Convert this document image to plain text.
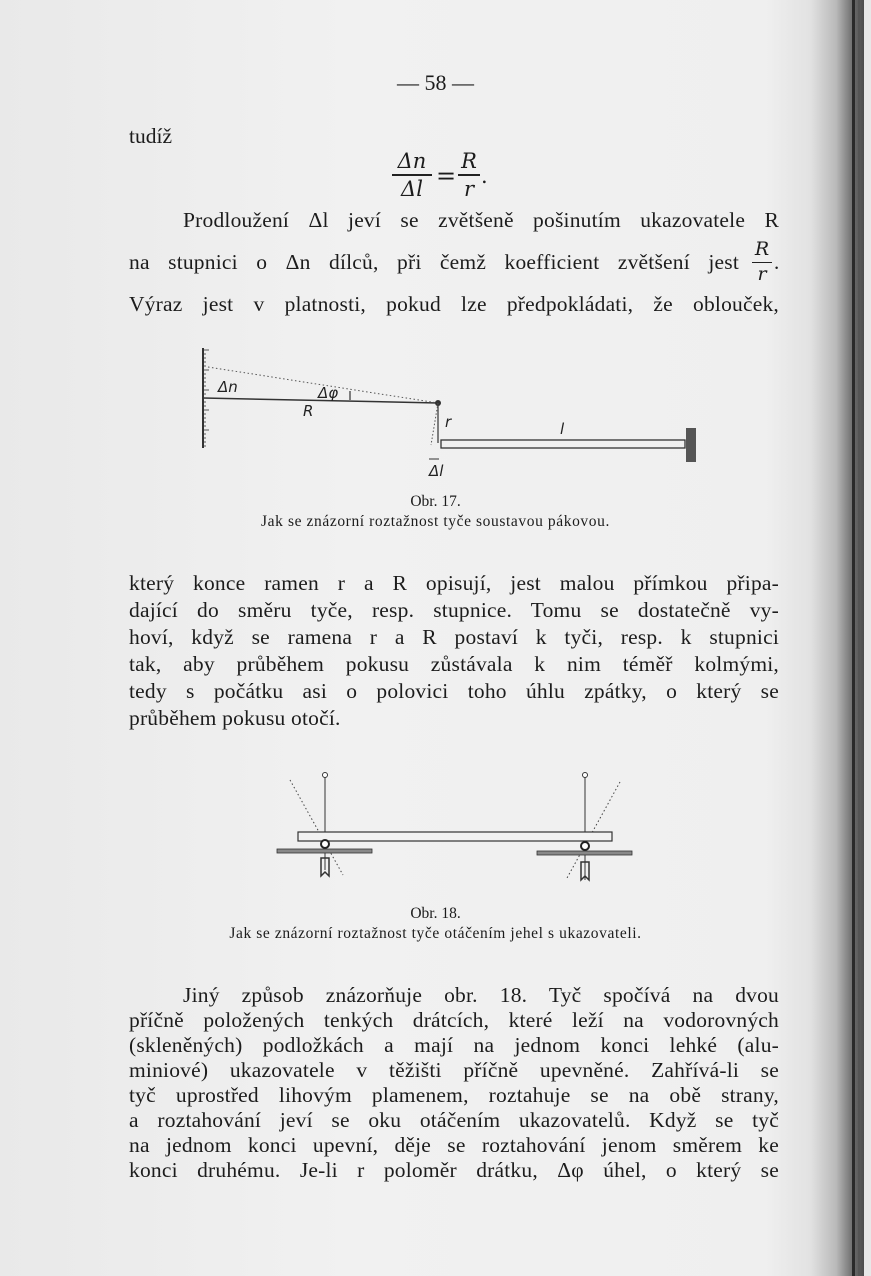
— 58 —
tudíž
Δn
Δl =
R
r
.
Prodloužení Δl jeví se zvětšeně pošinutím ukazovatele R
na stupnici o Δn dílců, při čemž koefficient zvětšení jest
R
r
.
Výraz jest v platnosti, pokud lze předpokládati, že oblouček,
Δn	Δφ
R
r	l
Δl
Obr. 17.
Jak se znázorní roztažnost tyče soustavou pákovou.
který konce ramen r a R opisují, jest malou přímkou připa-
dající do směru tyče, resp. stupnice. Tomu se dostatečně vy-
hoví, když se ramena r a R postaví k tyči, resp. k stupnici
tak, aby průběhem pokusu zůstávala k nim téměř kolmými,
tedy s počátku asi o polovici toho úhlu zpátky, o který se
průběhem pokusu otočí.
Obr. 18.
Jak se znázorní roztažnost tyče otáčením jehel s ukazovateli.
Jiný způsob znázorňuje obr. 18. Tyč spočívá na dvou
příčně položených tenkých drátcích, které leží na vodorovných
(skleněných) podložkách a mají na jednom konci lehké (alu-
miniové) ukazovatele v těžišti příčně upevněné. Zahřívá-li se
tyč uprostřed lihovým plamenem, roztahuje se na obě strany,
a roztahování jeví se oku otáčením ukazovatelů. Když se tyč
na jednom konci upevní, děje se roztahování jenom směrem ke
konci druhému. Je-li r poloměr drátku, Δφ úhel, o který se
